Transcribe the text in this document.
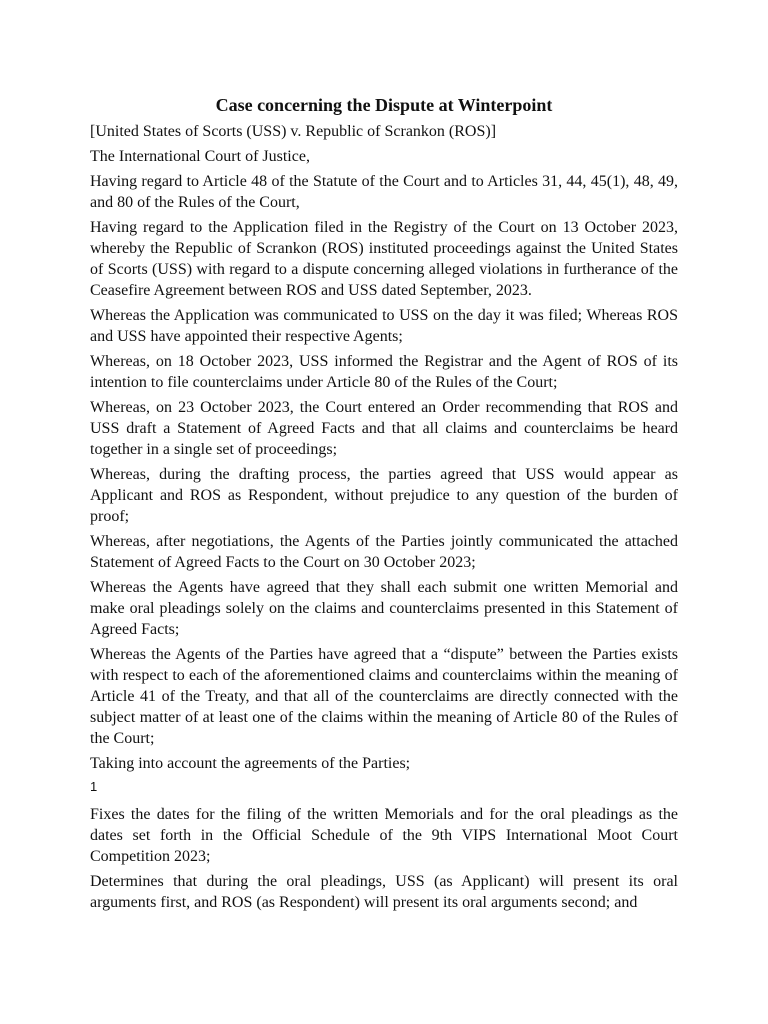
Case concerning the Dispute at Winterpoint
[United States of Scorts (USS) v. Republic of Scrankon (ROS)]
The International Court of Justice,
Having regard to Article 48 of the Statute of the Court and to Articles 31, 44, 45(1), 48, 49, and 80 of the Rules of the Court,
Having regard to the Application filed in the Registry of the Court on 13 October 2023, whereby the Republic of Scrankon (ROS) instituted proceedings against the United States of Scorts (USS) with regard to a dispute concerning alleged violations in furtherance of the Ceasefire Agreement between ROS and USS dated September, 2023.
Whereas the Application was communicated to USS on the day it was filed; Whereas ROS and USS have appointed their respective Agents;
Whereas, on 18 October 2023, USS informed the Registrar and the Agent of ROS of its intention to file counterclaims under Article 80 of the Rules of the Court;
Whereas, on 23 October 2023, the Court entered an Order recommending that ROS and USS draft a Statement of Agreed Facts and that all claims and counterclaims be heard together in a single set of proceedings;
Whereas, during the drafting process, the parties agreed that USS would appear as Applicant and ROS as Respondent, without prejudice to any question of the burden of proof;
Whereas, after negotiations, the Agents of the Parties jointly communicated the attached Statement of Agreed Facts to the Court on 30 October 2023;
Whereas the Agents have agreed that they shall each submit one written Memorial and make oral pleadings solely on the claims and counterclaims presented in this Statement of Agreed Facts;
Whereas the Agents of the Parties have agreed that a “dispute” between the Parties exists with respect to each of the aforementioned claims and counterclaims within the meaning of Article 41 of the Treaty, and that all of the counterclaims are directly connected with the subject matter of at least one of the claims within the meaning of Article 80 of the Rules of the Court;
Taking into account the agreements of the Parties;
1
Fixes the dates for the filing of the written Memorials and for the oral pleadings as the dates set forth in the Official Schedule of the 9th VIPS International Moot Court Competition 2023;
Determines that during the oral pleadings, USS (as Applicant) will present its oral arguments first, and ROS (as Respondent) will present its oral arguments second; and
